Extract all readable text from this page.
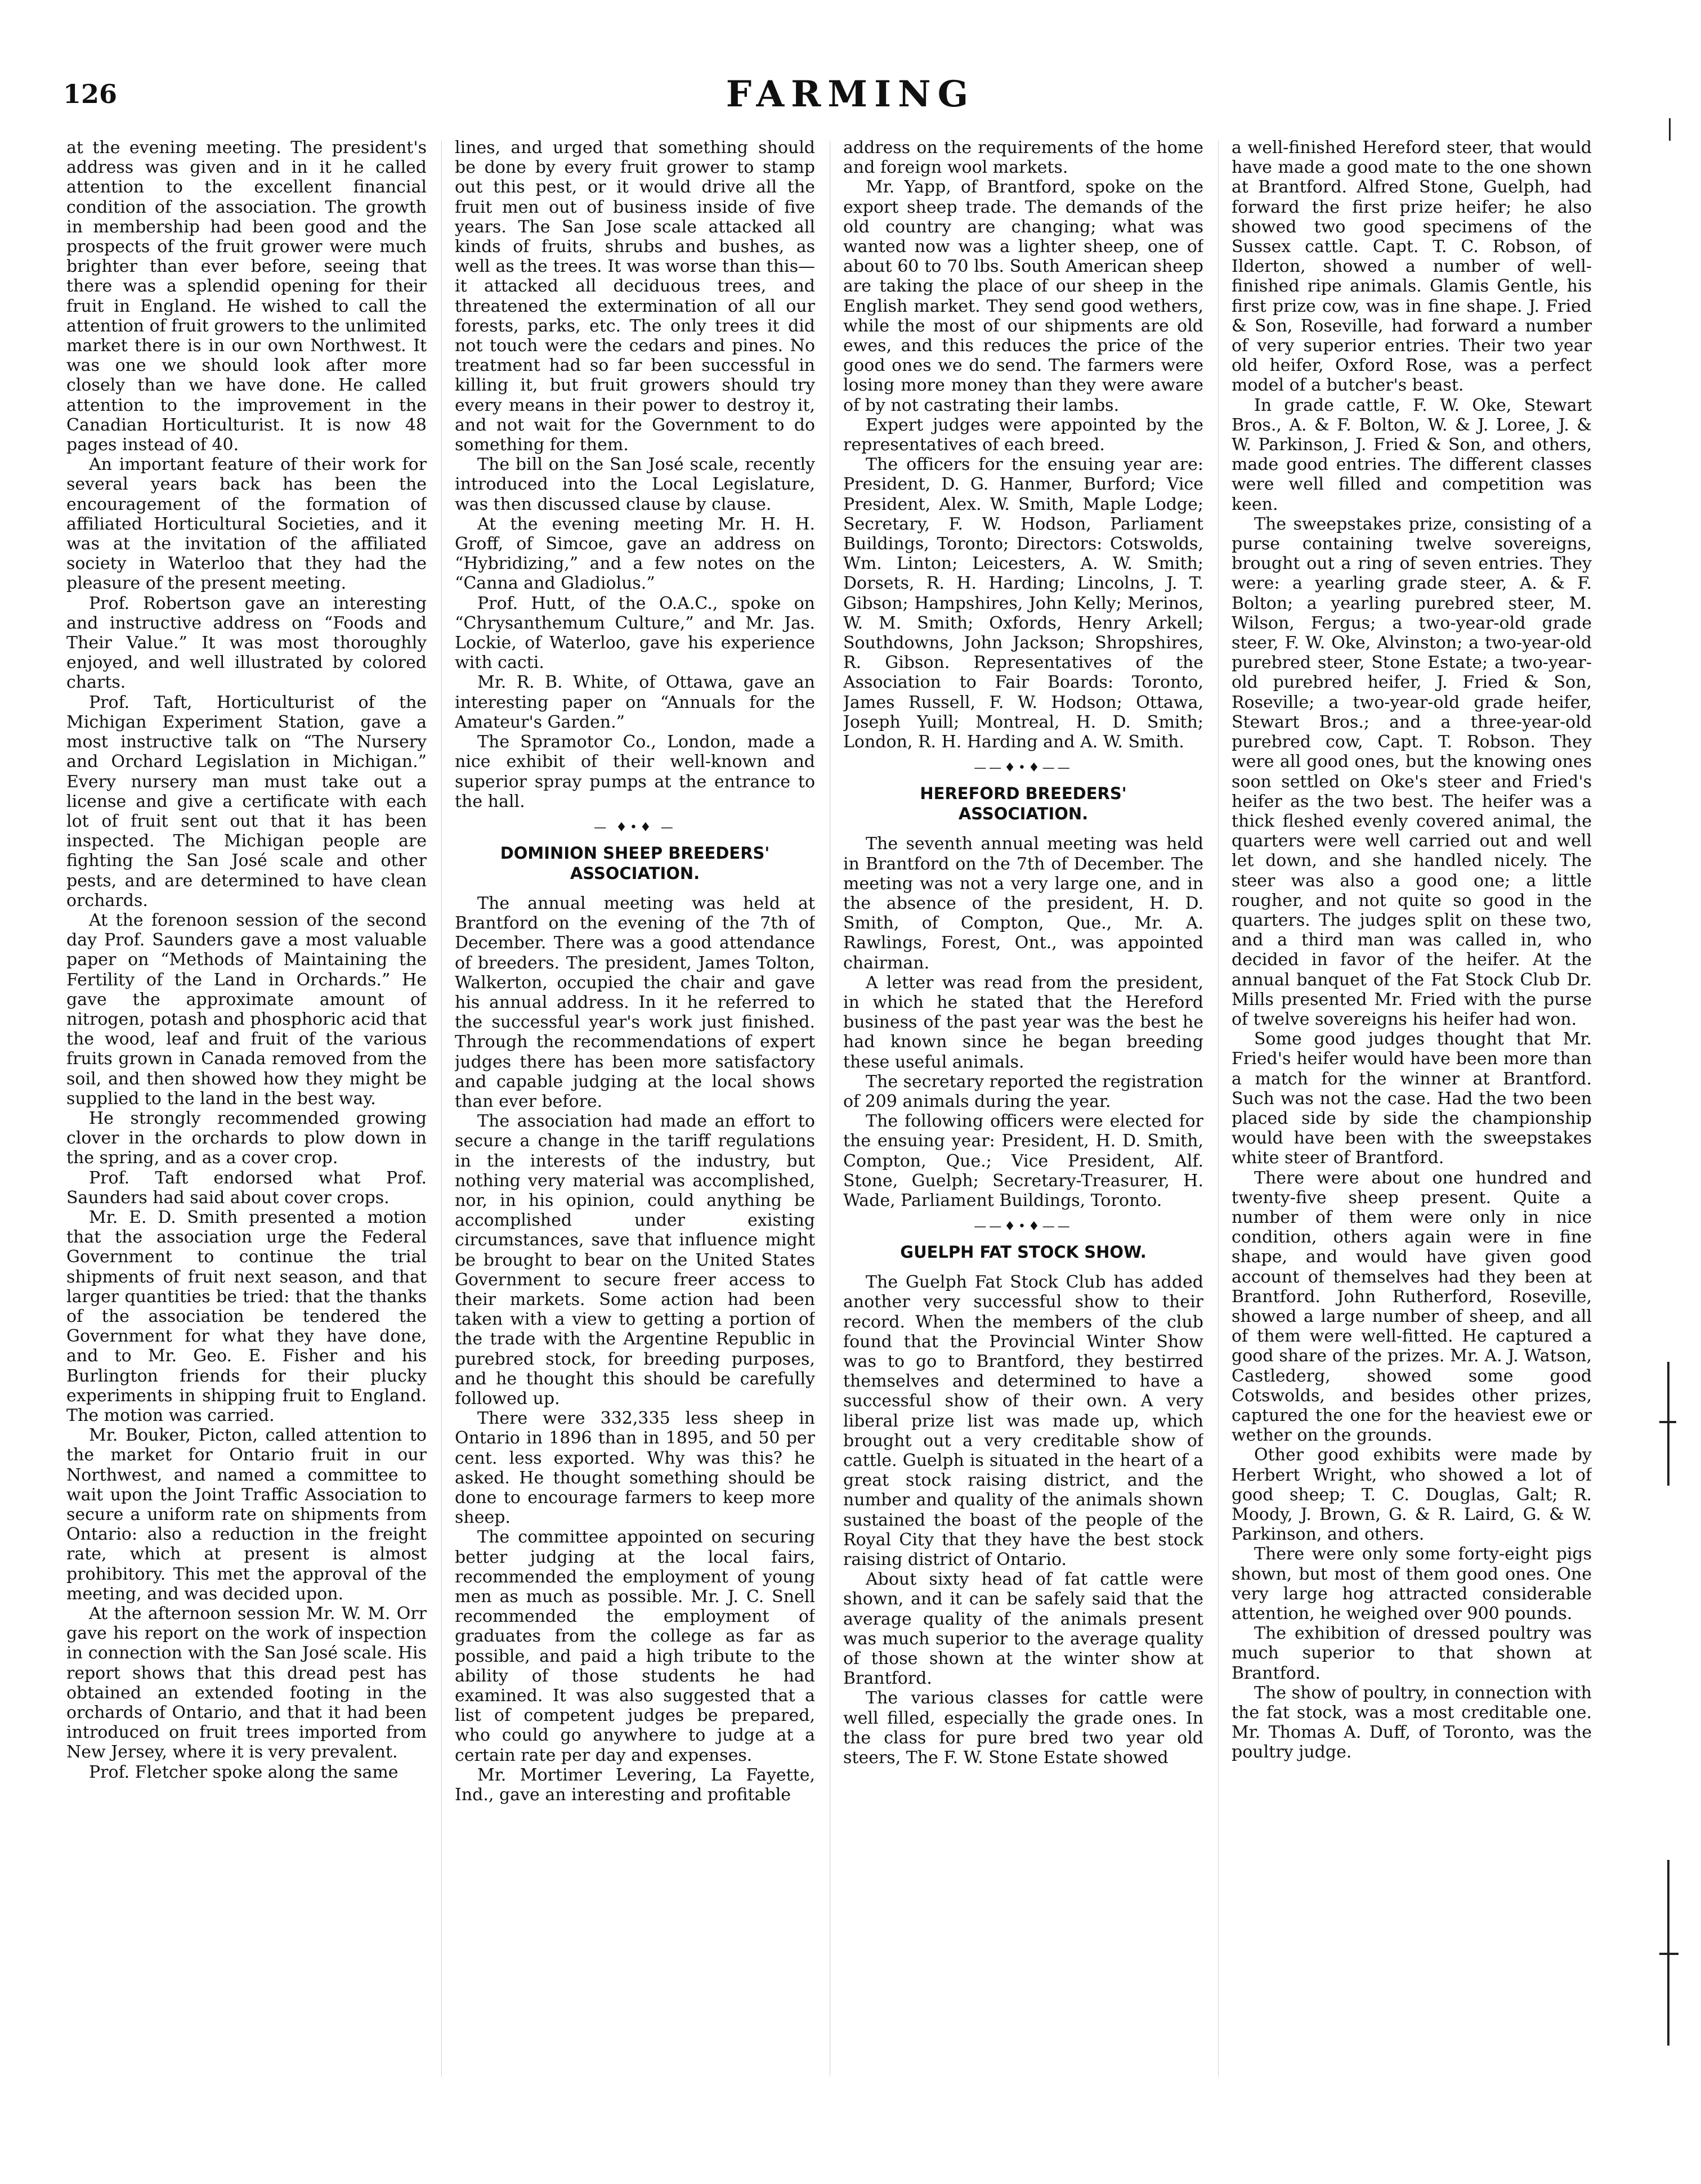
126	FARMING

at the evening meeting. The president's address was given and in it he called attention to the excellent financial condition of the association. The growth in membership had been good and the prospects of the fruit grower were much brighter than ever before, seeing that there was a splendid opening for their fruit in England. He wished to call the attention of fruit growers to the unlimited market there is in our own Northwest. It was one we should look after more closely than we have done. He called attention to the improvement in the Canadian Horticulturist. It is now 48 pages instead of 40.

An important feature of their work for several years back has been the encouragement of the formation of affiliated Horticultural Societies, and it was at the invitation of the affiliated society in Waterloo that they had the pleasure of the present meeting.

Prof. Robertson gave an interesting and instructive address on “Foods and Their Value.” It was most thoroughly enjoyed, and well illustrated by colored charts.

Prof. Taft, Horticulturist of the Michigan Experiment Station, gave a most instructive talk on “The Nursery and Orchard Legislation in Michigan.” Every nursery man must take out a license and give a certificate with each lot of fruit sent out that it has been inspected. The Michigan people are fighting the San José scale and other pests, and are determined to have clean orchards.

At the forenoon session of the second day Prof. Saunders gave a most valuable paper on “Methods of Maintaining the Fertility of the Land in Orchards.” He gave the approximate amount of nitrogen, potash and phosphoric acid that the wood, leaf and fruit of the various fruits grown in Canada removed from the soil, and then showed how they might be supplied to the land in the best way.

He strongly recommended growing clover in the orchards to plow down in the spring, and as a cover crop.

Prof. Taft endorsed what Prof. Saunders had said about cover crops.

Mr. E. D. Smith presented a motion that the association urge the Federal Government to continue the trial shipments of fruit next season, and that larger quantities be tried: that the thanks of the association be tendered the Government for what they have done, and to Mr. Geo. E. Fisher and his Burlington friends for their plucky experiments in shipping fruit to England. The motion was carried.

Mr. Bouker, Picton, called attention to the market for Ontario fruit in our Northwest, and named a committee to wait upon the Joint Traffic Association to secure a uniform rate on shipments from Ontario: also a reduction in the freight rate, which at present is almost prohibitory. This met the approval of the meeting, and was decided upon.

At the afternoon session Mr. W. M. Orr gave his report on the work of inspection in connection with the San José scale. His report shows that this dread pest has obtained an extended footing in the orchards of Ontario, and that it had been introduced on fruit trees imported from New Jersey, where it is very prevalent.

Prof. Fletcher spoke along the same

lines, and urged that something should be done by every fruit grower to stamp out this pest, or it would drive all the fruit men out of business inside of five years. The San Jose scale attacked all kinds of fruits, shrubs and bushes, as well as the trees. It was worse than this—it attacked all deciduous trees, and threatened the extermination of all our forests, parks, etc. The only trees it did not touch were the cedars and pines. No treatment had so far been successful in killing it, but fruit growers should try every means in their power to destroy it, and not wait for the Government to do something for them.

The bill on the San José scale, recently introduced into the Local Legislature, was then discussed clause by clause.

At the evening meeting Mr. H. H. Groff, of Simcoe, gave an address on “Hybridizing,” and a few notes on the “Canna and Gladiolus.”

Prof. Hutt, of the O.A.C., spoke on “Chrysanthemum Culture,” and Mr. Jas. Lockie, of Waterloo, gave his experience with cacti.

Mr. R. B. White, of Ottawa, gave an interesting paper on “Annuals for the Amateur's Garden.”

The Spramotor Co., London, made a nice exhibit of their well-known and superior spray pumps at the entrance to the hall.

— ♦•♦ —
DOMINION SHEEP BREEDERS' ASSOCIATION.

The annual meeting was held at Brantford on the evening of the 7th of December. There was a good attendance of breeders. The president, James Tolton, Walkerton, occupied the chair and gave his annual address. In it he referred to the successful year's work just finished. Through the recommendations of expert judges there has been more satisfactory and capable judging at the local shows than ever before.

The association had made an effort to secure a change in the tariff regulations in the interests of the industry, but nothing very material was accomplished, nor, in his opinion, could anything be accomplished under existing circumstances, save that influence might be brought to bear on the United States Government to secure freer access to their markets. Some action had been taken with a view to getting a portion of the trade with the Argentine Republic in purebred stock, for breeding purposes, and he thought this should be carefully followed up.

There were 332,335 less sheep in Ontario in 1896 than in 1895, and 50 per cent. less exported. Why was this? he asked. He thought something should be done to encourage farmers to keep more sheep.

The committee appointed on securing better judging at the local fairs, recommended the employment of young men as much as possible. Mr. J. C. Snell recommended the employment of graduates from the college as far as possible, and paid a high tribute to the ability of those students he had examined. It was also suggested that a list of competent judges be prepared, who could go anywhere to judge at a certain rate per day and expenses.

Mr. Mortimer Levering, La Fayette, Ind., gave an interesting and profitable

address on the requirements of the home and foreign wool markets.

Mr. Yapp, of Brantford, spoke on the export sheep trade. The demands of the old country are changing; what was wanted now was a lighter sheep, one of about 60 to 70 lbs. South American sheep are taking the place of our sheep in the English market. They send good wethers, while the most of our shipments are old ewes, and this reduces the price of the good ones we do send. The farmers were losing more money than they were aware of by not castrating their lambs.

Expert judges were appointed by the representatives of each breed.

The officers for the ensuing year are: President, D. G. Hanmer, Burford; Vice President, Alex. W. Smith, Maple Lodge; Secretary, F. W. Hodson, Parliament Buildings, Toronto; Directors: Cotswolds, Wm. Linton; Leicesters, A. W. Smith; Dorsets, R. H. Harding; Lincolns, J. T. Gibson; Hampshires, John Kelly; Merinos, W. M. Smith; Oxfords, Henry Arkell; Southdowns, John Jackson; Shropshires, R. Gibson. Representatives of the Association to Fair Boards: Toronto, James Russell, F. W. Hodson; Ottawa, Joseph Yuill; Montreal, H. D. Smith; London, R. H. Harding and A. W. Smith.

——♦•♦——
HEREFORD BREEDERS' ASSOCIATION.

The seventh annual meeting was held in Brantford on the 7th of December. The meeting was not a very large one, and in the absence of the president, H. D. Smith, of Compton, Que., Mr. A. Rawlings, Forest, Ont., was appointed chairman.

A letter was read from the president, in which he stated that the Hereford business of the past year was the best he had known since he began breeding these useful animals.

The secretary reported the registration of 209 animals during the year.

The following officers were elected for the ensuing year: President, H. D. Smith, Compton, Que.; Vice President, Alf. Stone, Guelph; Secretary-Treasurer, H. Wade, Parliament Buildings, Toronto.

——♦•♦——
GUELPH FAT STOCK SHOW.

The Guelph Fat Stock Club has added another very successful show to their record. When the members of the club found that the Provincial Winter Show was to go to Brantford, they bestirred themselves and determined to have a successful show of their own. A very liberal prize list was made up, which brought out a very creditable show of cattle. Guelph is situated in the heart of a great stock raising district, and the number and quality of the animals shown sustained the boast of the people of the Royal City that they have the best stock raising district of Ontario.

About sixty head of fat cattle were shown, and it can be safely said that the average quality of the animals present was much superior to the average quality of those shown at the winter show at Brantford.

The various classes for cattle were well filled, especially the grade ones. In the class for pure bred two year old steers, The F. W. Stone Estate showed

a well-finished Hereford steer, that would have made a good mate to the one shown at Brantford. Alfred Stone, Guelph, had forward the first prize heifer; he also showed two good specimens of the Sussex cattle. Capt. T. C. Robson, of Ilderton, showed a number of well-finished ripe animals. Glamis Gentle, his first prize cow, was in fine shape. J. Fried & Son, Roseville, had forward a number of very superior entries. Their two year old heifer, Oxford Rose, was a perfect model of a butcher's beast.

In grade cattle, F. W. Oke, Stewart Bros., A. & F. Bolton, W. & J. Loree, J. & W. Parkinson, J. Fried & Son, and others, made good entries. The different classes were well filled and competition was keen.

The sweepstakes prize, consisting of a purse containing twelve sovereigns, brought out a ring of seven entries. They were: a yearling grade steer, A. & F. Bolton; a yearling purebred steer, M. Wilson, Fergus; a two-year-old grade steer, F. W. Oke, Alvinston; a two-year-old purebred steer, Stone Estate; a two-year-old purebred heifer, J. Fried & Son, Roseville; a two-year-old grade heifer, Stewart Bros.; and a three-year-old purebred cow, Capt. T. Robson. They were all good ones, but the knowing ones soon settled on Oke's steer and Fried's heifer as the two best. The heifer was a thick fleshed evenly covered animal, the quarters were well carried out and well let down, and she handled nicely. The steer was also a good one; a little rougher, and not quite so good in the quarters. The judges split on these two, and a third man was called in, who decided in favor of the heifer. At the annual banquet of the Fat Stock Club Dr. Mills presented Mr. Fried with the purse of twelve sovereigns his heifer had won.

Some good judges thought that Mr. Fried's heifer would have been more than a match for the winner at Brantford. Such was not the case. Had the two been placed side by side the championship would have been with the sweepstakes white steer of Brantford.

There were about one hundred and twenty-five sheep present. Quite a number of them were only in nice condition, others again were in fine shape, and would have given good account of themselves had they been at Brantford. John Rutherford, Roseville, showed a large number of sheep, and all of them were well-fitted. He captured a good share of the prizes. Mr. A. J. Watson, Castlederg, showed some good Cotswolds, and besides other prizes, captured the one for the heaviest ewe or wether on the grounds.

Other good exhibits were made by Herbert Wright, who showed a lot of good sheep; T. C. Douglas, Galt; R. Moody, J. Brown, G. & R. Laird, G. & W. Parkinson, and others.

There were only some forty-eight pigs shown, but most of them good ones. One very large hog attracted considerable attention, he weighed over 900 pounds.

The exhibition of dressed poultry was much superior to that shown at Brantford.

The show of poultry, in connection with the fat stock, was a most creditable one. Mr. Thomas A. Duff, of Toronto, was the poultry judge.
